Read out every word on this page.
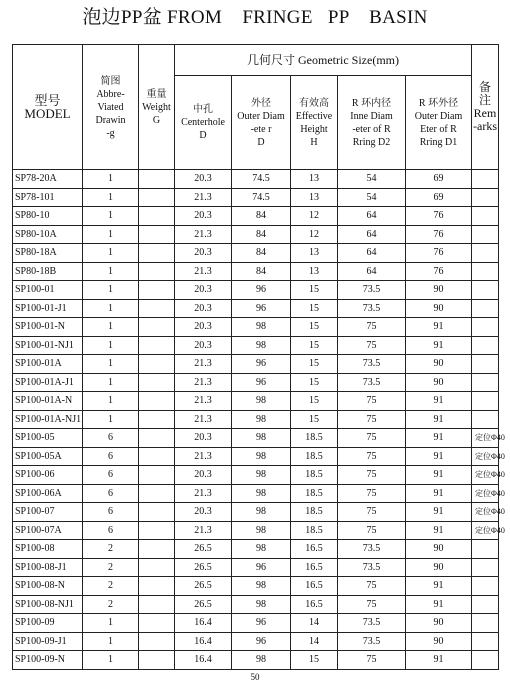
泡边PP盆 FROM    FRINGE   PP    BASIN
型号
MODEL	简图
Abbre-
Viated
Drawin
-g	重量
Weight
G	几何尺寸 Geometric Size(mm)					备
注
Rem
-arks
			中孔
Centerhole
D	外径
Outer Diam
-ete r
D	有效高
Effective
Height
H	R 环内径
Inne Diam
-eter of R
Rring D2	R 环外径
Outer Diam
Eter of R
Rring D1	
SP78-20A	1		20.3	74.5	13	54	69	
SP78-101	1		21.3	74.5	13	54	69	
SP80-10	1		20.3	84	12	64	76	
SP80-10A	1		21.3	84	12	64	76	
SP80-18A	1		20.3	84	13	64	76	
SP80-18B	1		21.3	84	13	64	76	
SP100-01	1		20.3	96	15	73.5	90	
SP100-01-J1	1		20.3	96	15	73.5	90	
SP100-01-N	1		20.3	98	15	75	91	
SP100-01-NJ1	1		20.3	98	15	75	91	
SP100-01A	1		21.3	96	15	73.5	90	
SP100-01A-J1	1		21.3	96	15	73.5	90	
SP100-01A-N	1		21.3	98	15	75	91	
SP100-01A-NJ1	1		21.3	98	15	75	91	
SP100-05	6		20.3	98	18.5	75	91	定位Φ40
SP100-05A	6		21.3	98	18.5	75	91	定位Φ40
SP100-06	6		20.3	98	18.5	75	91	定位Φ40
SP100-06A	6		21.3	98	18.5	75	91	定位Φ40
SP100-07	6		20.3	98	18.5	75	91	定位Φ40
SP100-07A	6		21.3	98	18.5	75	91	定位Φ40
SP100-08	2		26.5	98	16.5	73.5	90	
SP100-08-J1	2		26.5	96	16.5	73.5	90	
SP100-08-N	2		26.5	98	16.5	75	91	
SP100-08-NJ1	2		26.5	98	16.5	75	91	
SP100-09	1		16.4	96	14	73.5	90	
SP100-09-J1	1		16.4	96	14	73.5	90	
SP100-09-N	1		16.4	98	15	75	91	
50
